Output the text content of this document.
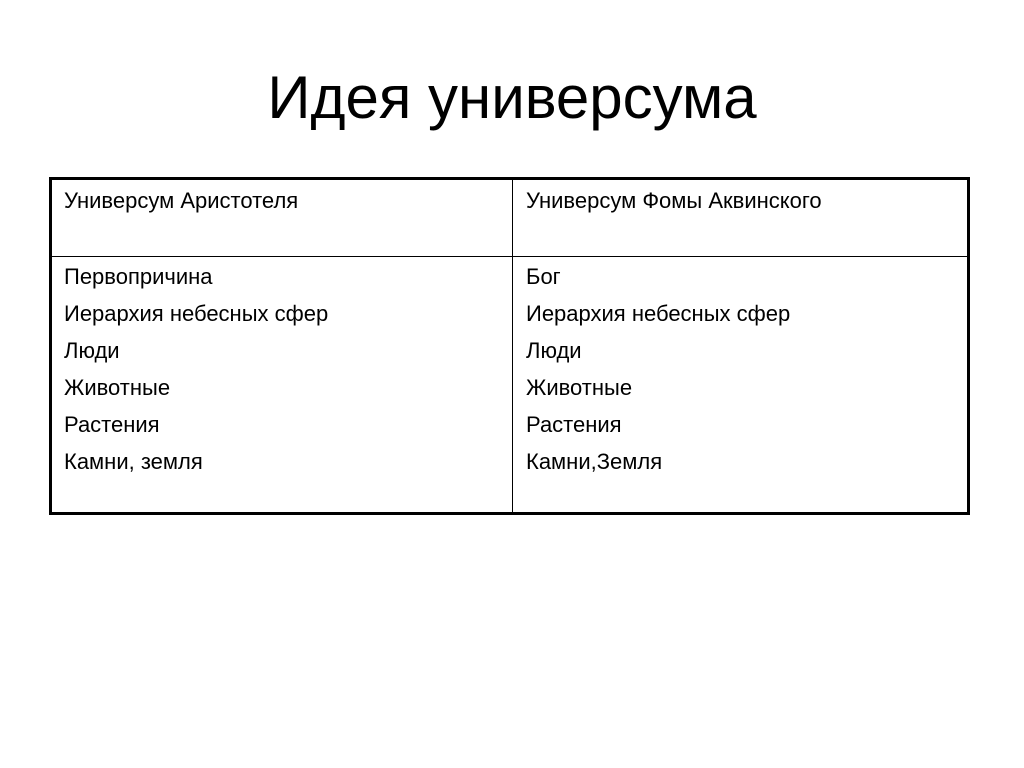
Идея универсума
Универсум Аристотеля	Универсум Фомы Аквинского
Первопричина
Иерархия небесных сфер
Люди
Животные
Растения
Камни, земля
Бог
Иерархия небесных сфер
Люди
Животные
Растения
Камни,Земля
